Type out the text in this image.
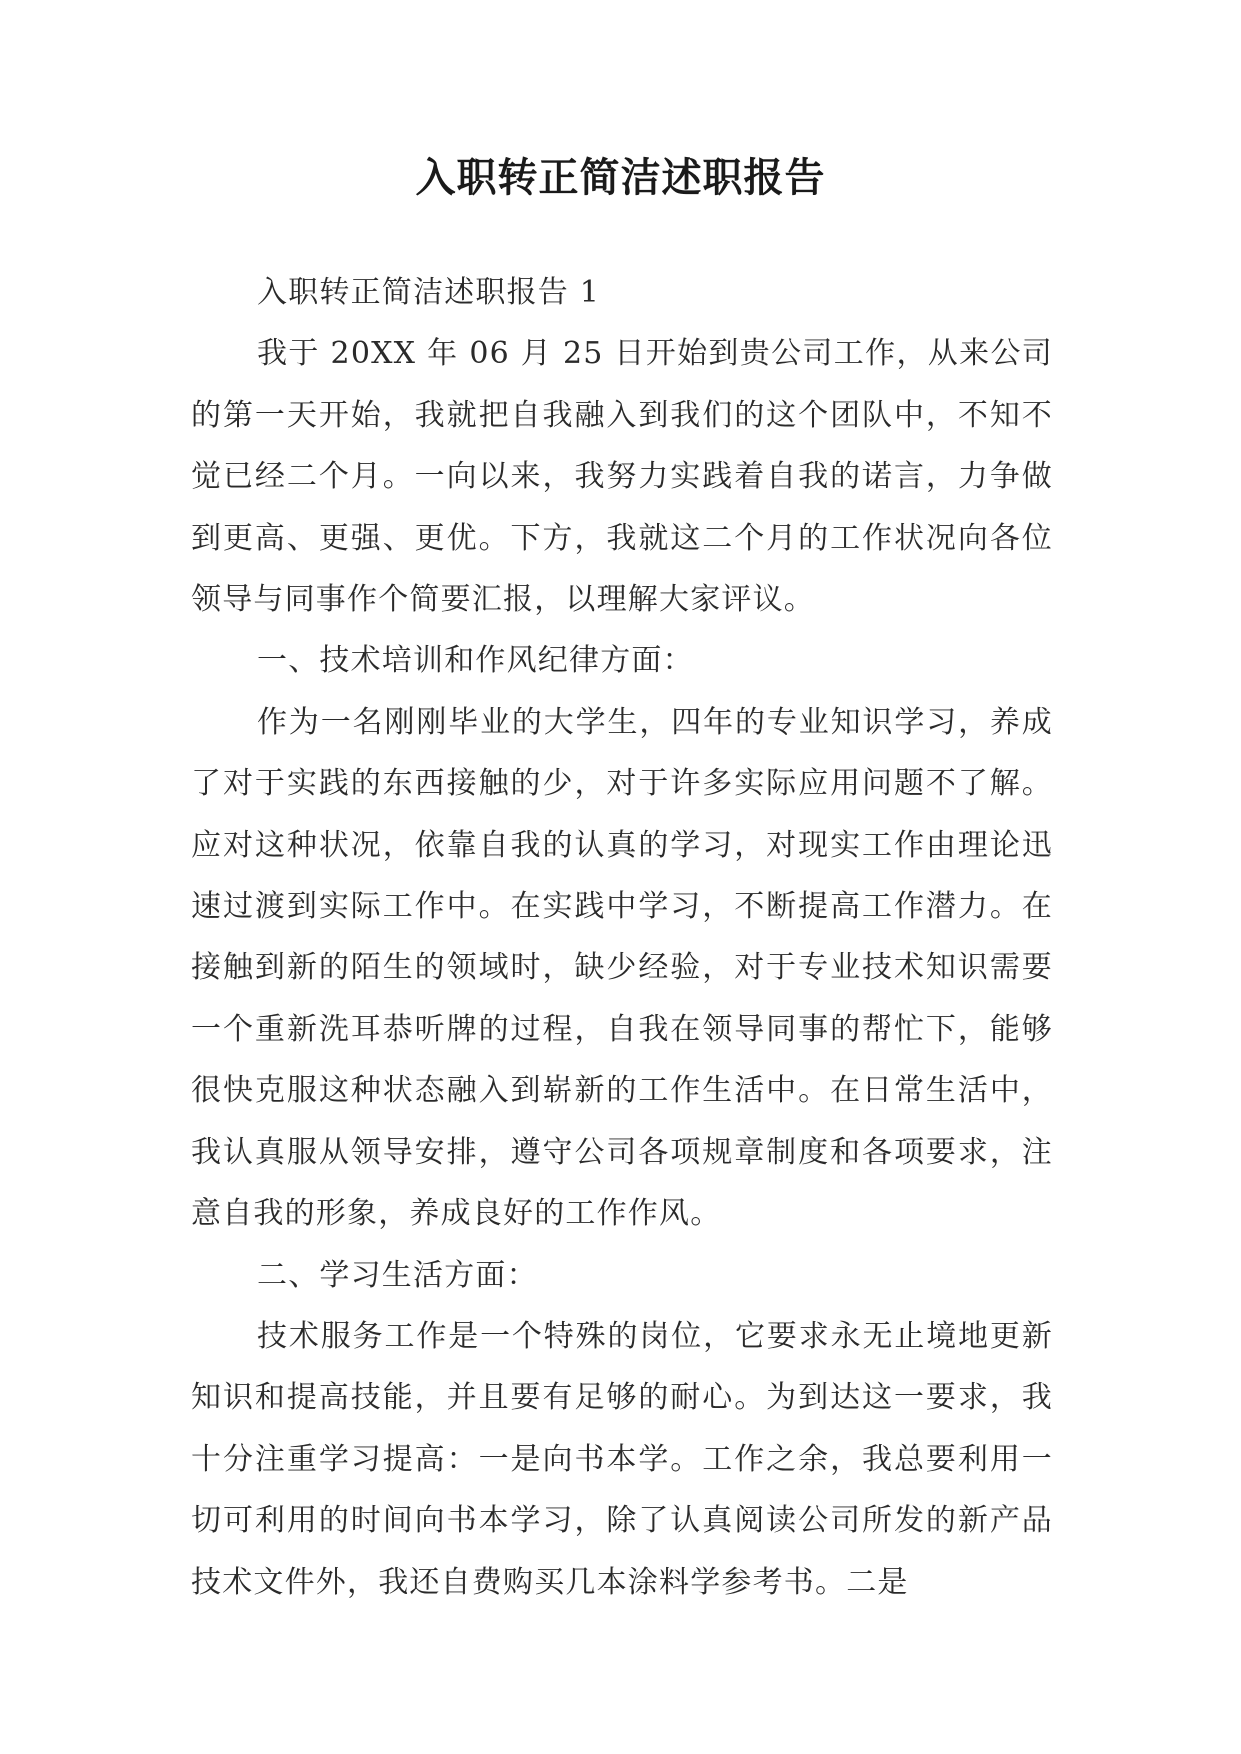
入职转正简洁述职报告

入职转正简洁述职报告 1

我于 20XX 年 06 月 25 日开始到贵公司工作，从来公司的第一天开始，我就把自我融入到我们的这个团队中，不知不觉已经二个月。一向以来，我努力实践着自我的诺言，力争做到更高、更强、更优。下方，我就这二个月的工作状况向各位领导与同事作个简要汇报，以理解大家评议。

一、技术培训和作风纪律方面：

作为一名刚刚毕业的大学生，四年的专业知识学习，养成了对于实践的东西接触的少，对于许多实际应用问题不了解。应对这种状况，依靠自我的认真的学习，对现实工作由理论迅速过渡到实际工作中。在实践中学习，不断提高工作潜力。在接触到新的陌生的领域时，缺少经验，对于专业技术知识需要一个重新洗耳恭听牌的过程，自我在领导同事的帮忙下，能够很快克服这种状态融入到崭新的工作生活中。在日常生活中，我认真服从领导安排，遵守公司各项规章制度和各项要求，注意自我的形象，养成良好的工作作风。

二、学习生活方面：

技术服务工作是一个特殊的岗位，它要求永无止境地更新知识和提高技能，并且要有足够的耐心。为到达这一要求，我十分注重学习提高：一是向书本学。工作之余，我总要利用一切可利用的时间向书本学习，除了认真阅读公司所发的新产品技术文件外，我还自费购买几本涂料学参考书。二是
